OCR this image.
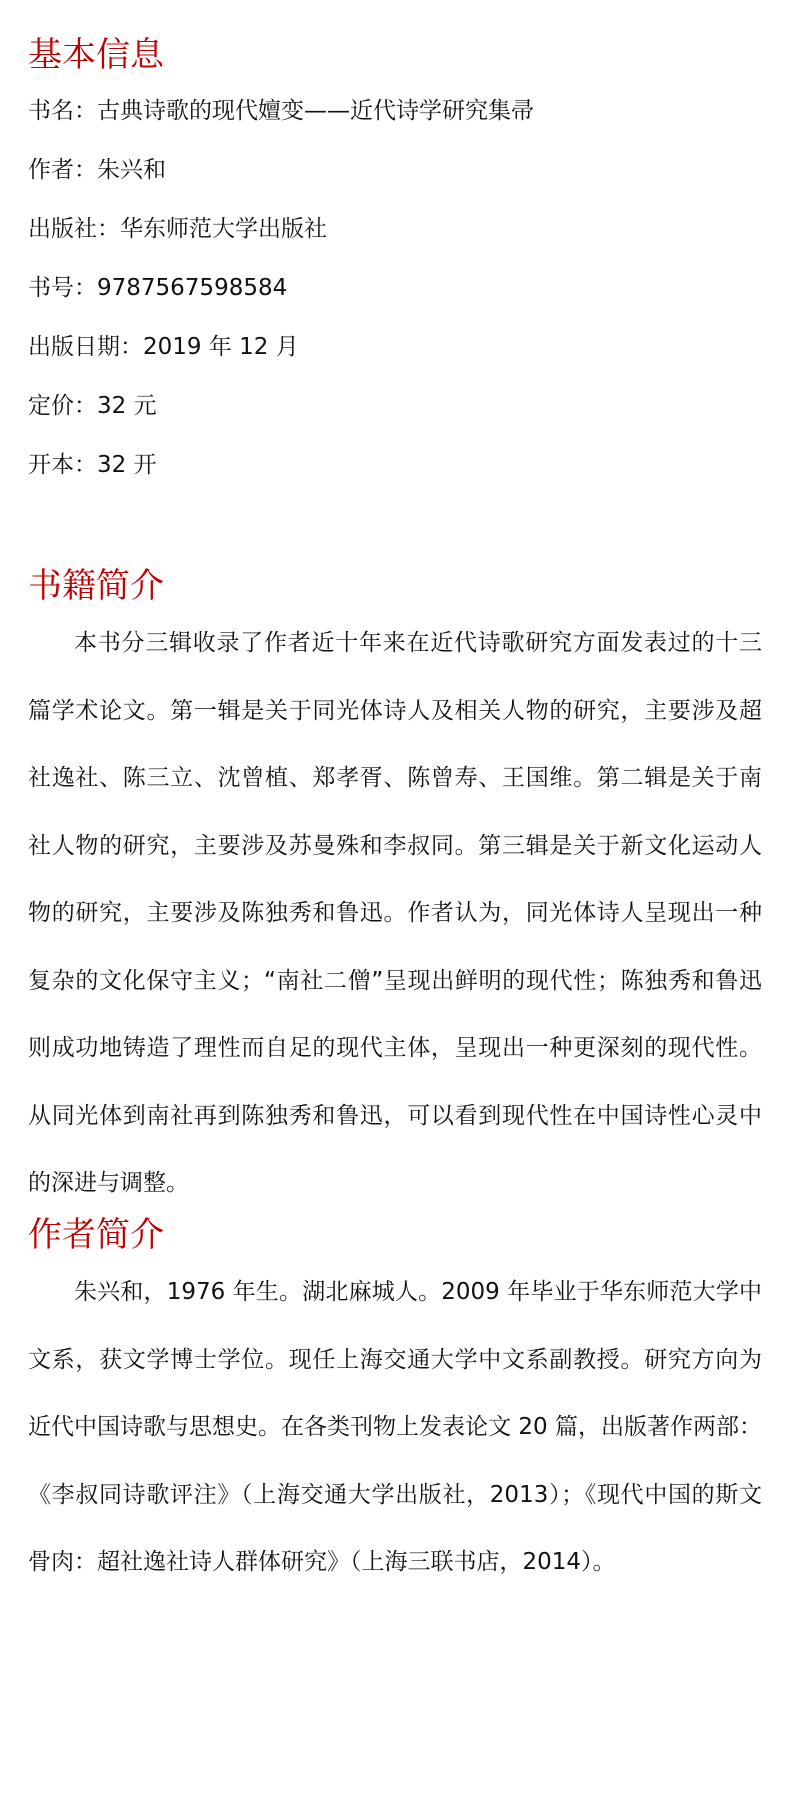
基本信息

书名：古典诗歌的现代嬗变——近代诗学研究集帚

作者：朱兴和

出版社：华东师范大学出版社

书号：9787567598584

出版日期：2019 年 12 月

定价：32 元

开本：32 开

书籍简介

本书分三辑收录了作者近十年来在近代诗歌研究方面发表过的十三篇学术论文。第一辑是关于同光体诗人及相关人物的研究，主要涉及超社逸社、陈三立、沈曾植、郑孝胥、陈曾寿、王国维。第二辑是关于南社人物的研究，主要涉及苏曼殊和李叔同。第三辑是关于新文化运动人物的研究，主要涉及陈独秀和鲁迅。作者认为，同光体诗人呈现出一种复杂的文化保守主义；“南社二僧”呈现出鲜明的现代性；陈独秀和鲁迅则成功地铸造了理性而自足的现代主体，呈现出一种更深刻的现代性。从同光体到南社再到陈独秀和鲁迅，可以看到现代性在中国诗性心灵中的深进与调整。

作者简介

朱兴和，1976 年生。湖北麻城人。2009 年毕业于华东师范大学中文系，获文学博士学位。现任上海交通大学中文系副教授。研究方向为近代中国诗歌与思想史。在各类刊物上发表论文 20 篇，出版著作两部：《李叔同诗歌评注》（上海交通大学出版社，2013）；《现代中国的斯文骨肉：超社逸社诗人群体研究》（上海三联书店，2014）。
